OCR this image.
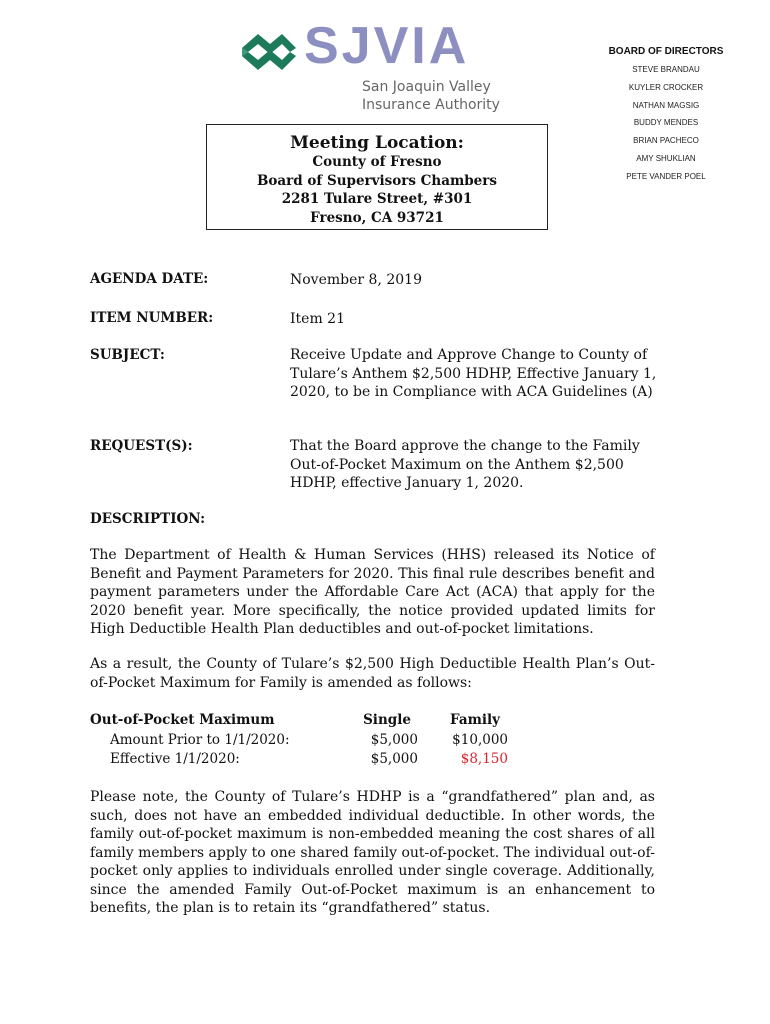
SJVIA
San Joaquin Valley
Insurance Authority
BOARD OF DIRECTORS
STEVE BRANDAU
KUYLER CROCKER
NATHAN MAGSIG
BUDDY MENDES
BRIAN PACHECO
AMY SHUKLIAN
PETE VANDER POEL
Meeting Location:
County of Fresno
Board of Supervisors Chambers
2281 Tulare Street, #301
Fresno, CA 93721
AGENDA DATE:	November 8, 2019
ITEM NUMBER:	Item 21
SUBJECT:	Receive Update and Approve Change to County of Tulare’s Anthem $2,500 HDHP, Effective January 1, 2020, to be in Compliance with ACA Guidelines (A)
REQUEST(S):	That the Board approve the change to the Family Out-of-Pocket Maximum on the Anthem $2,500 HDHP, effective January 1, 2020.
DESCRIPTION:
The Department of Health & Human Services (HHS) released its Notice of Benefit and Payment Parameters for 2020. This final rule describes benefit and payment parameters under the Affordable Care Act (ACA) that apply for the 2020 benefit year. More specifically, the notice provided updated limits for High Deductible Health Plan deductibles and out-of-pocket limitations.
As a result, the County of Tulare’s $2,500 High Deductible Health Plan’s Out-of-Pocket Maximum for Family is amended as follows:
Out-of-Pocket Maximum	Single	Family
Amount Prior to 1/1/2020:	$5,000	$10,000
Effective 1/1/2020:	$5,000	$8,150
Please note, the County of Tulare’s HDHP is a “grandfathered” plan and, as such, does not have an embedded individual deductible. In other words, the family out-of-pocket maximum is non-embedded meaning the cost shares of all family members apply to one shared family out-of-pocket. The individual out-of-pocket only applies to individuals enrolled under single coverage. Additionally, since the amended Family Out-of-Pocket maximum is an enhancement to benefits, the plan is to retain its “grandfathered” status.
